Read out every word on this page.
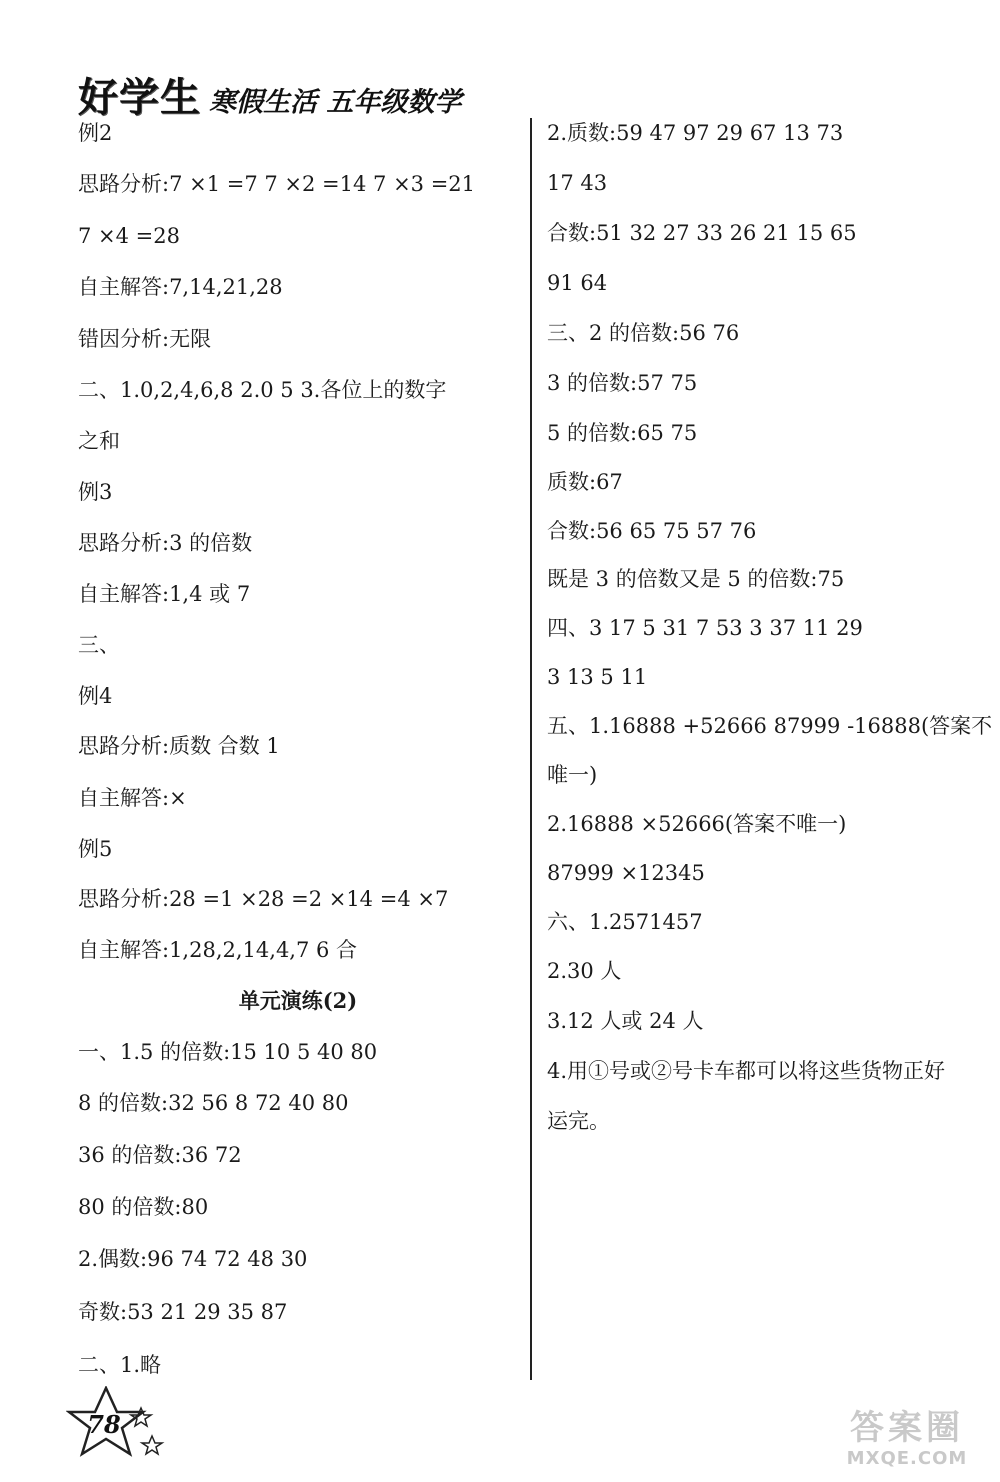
好学生 寒假生活 五年级数学
例2
思路分析:7 ×1 =7 7 ×2 =14 7 ×3 =21
7 ×4 =28
自主解答:7,14,21,28
错因分析:无限
二、1.0,2,4,6,8 2.0 5 3.各位上的数字
之和
例3
思路分析:3 的倍数
自主解答:1,4 或 7
三、
例4
思路分析:质数 合数 1
自主解答:×
例5
思路分析:28 =1 ×28 =2 ×14 =4 ×7
自主解答:1,28,2,14,4,7 6 合
单元演练(2)
一、1.5 的倍数:15 10 5 40 80
8 的倍数:32 56 8 72 40 80
36 的倍数:36 72
80 的倍数:80
2.偶数:96 74 72 48 30
奇数:53 21 29 35 87
二、1.略
2.质数:59 47 97 29 67 13 73
17 43
合数:51 32 27 33 26 21 15 65
91 64
三、2 的倍数:56 76
3 的倍数:57 75
5 的倍数:65 75
质数:67
合数:56 65 75 57 76
既是 3 的倍数又是 5 的倍数:75
四、3 17 5 31 7 53 3 37 11 29
3 13 5 11
五、1.16888 +52666 87999 -16888(答案不
唯一)
2.16888 ×52666(答案不唯一)
87999 ×12345
六、1.2571457
2.30 人
3.12 人或 24 人
4.用①号或②号卡车都可以将这些货物正好
运完。
78	答案圈
MXQE.COM
